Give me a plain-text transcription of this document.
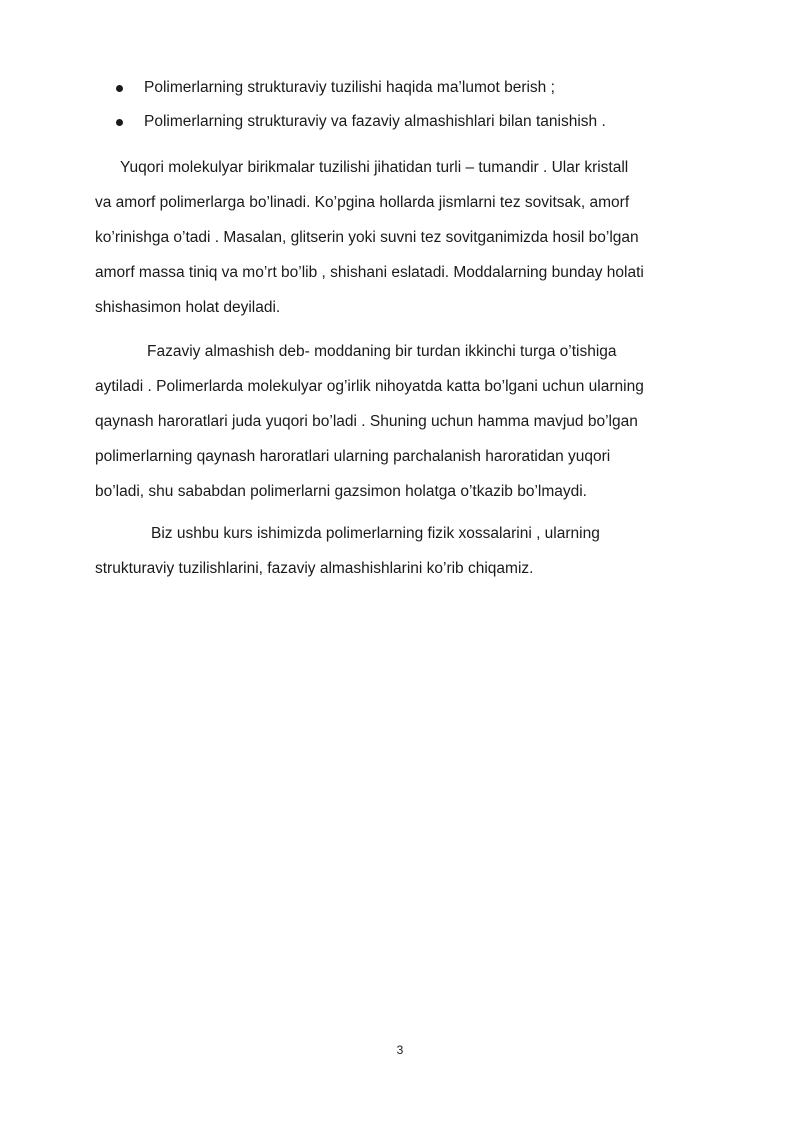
Polimerlarning strukturaviy tuzilishi haqida ma’lumot berish ;
Polimerlarning strukturaviy va fazaviy almashishlari bilan tanishish .
Yuqori molekulyar birikmalar tuzilishi jihatidan turli – tumandir . Ular kristall
va amorf polimerlarga bo’linadi. Ko’pgina hollarda jismlarni tez sovitsak, amorf
ko’rinishga o’tadi . Masalan, glitserin yoki suvni tez sovitganimizda hosil bo’lgan
amorf massa tiniq va mo’rt bo’lib , shishani eslatadi. Moddalarning bunday holati
shishasimon holat deyiladi.
Fazaviy almashish deb- moddaning bir turdan ikkinchi turga o’tishiga
aytiladi . Polimerlarda molekulyar og’irlik nihoyatda katta bo’lgani uchun ularning
qaynash haroratlari juda yuqori bo’ladi . Shuning uchun hamma mavjud bo’lgan
polimerlarning qaynash haroratlari ularning parchalanish haroratidan yuqori
bo’ladi, shu sababdan polimerlarni gazsimon holatga o’tkazib bo’lmaydi.
Biz ushbu kurs ishimizda polimerlarning fizik xossalarini , ularning
strukturaviy tuzilishlarini, fazaviy almashishlarini ko’rib chiqamiz.
3
